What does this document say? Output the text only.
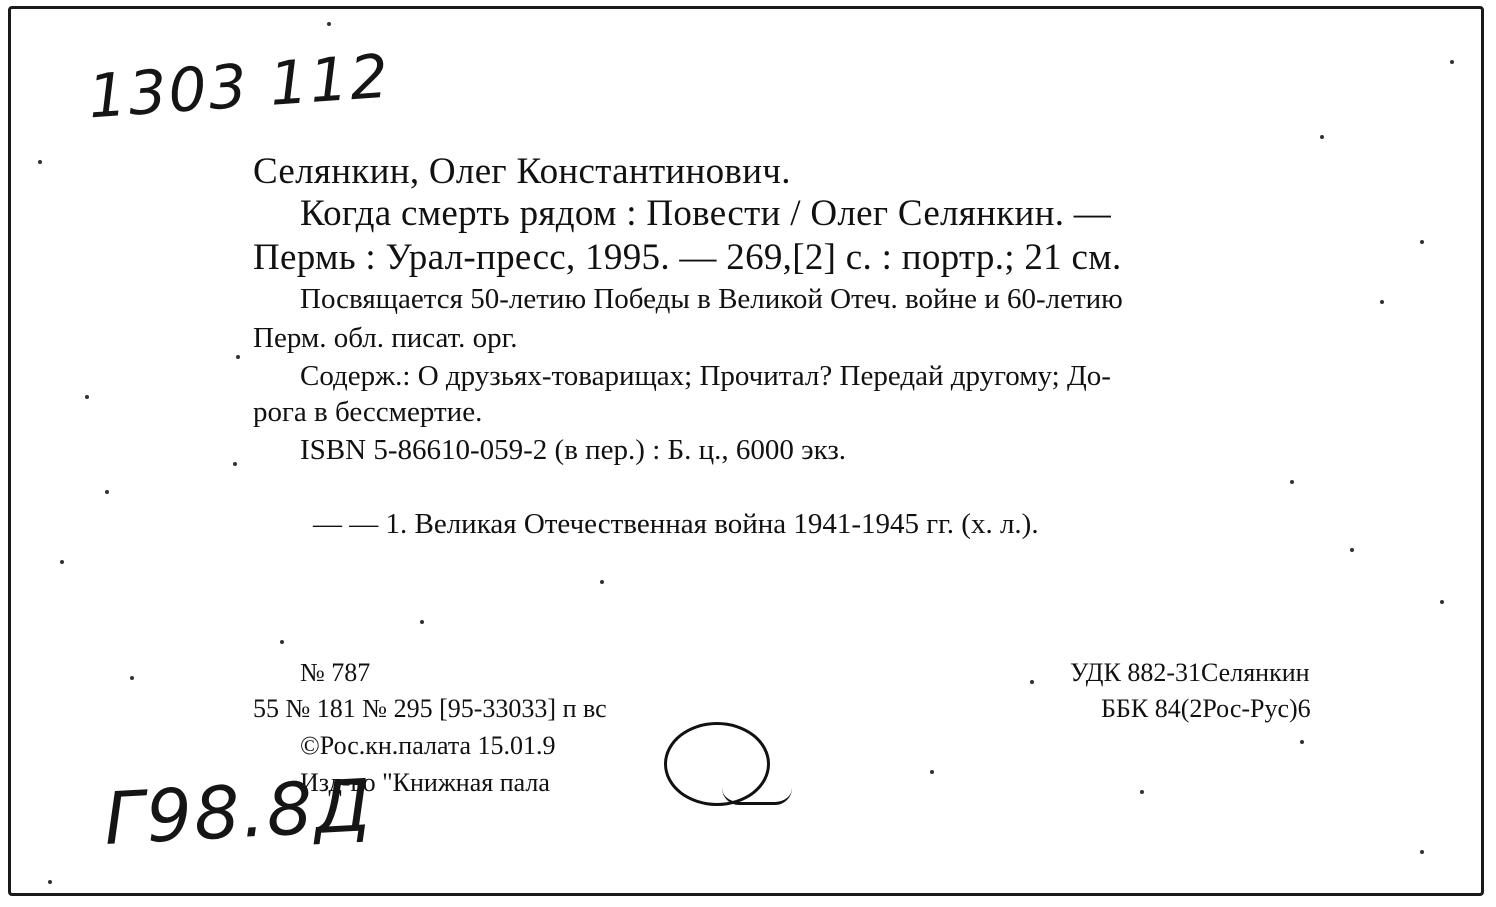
1303 112
Селянкин, Олег Константинович.
Когда смерть рядом : Повести / Олег Селянкин. —
Пермь : Урал-пресс, 1995. — 269,[2] с. : портр.; 21 см.
Посвящается 50-летию Победы в Великой Отеч. войне и 60-летию
Перм. обл. писат. орг.
Содерж.: О друзьях-товарищах; Прочитал? Передай другому; До-
рога в бессмертие.
ISBN 5-86610-059-2 (в пер.) : Б. ц., 6000 экз.
— — 1. Великая Отечественная война 1941-1945 гг. (х. л.).
№ 787
55 № 181 № 295 [95-33033] п вс
©Рос.кн.палата 15.01.9
Изд-во "Книжная пала
УДК 882-31Селянкин
ББК 84(2Рос-Рус)6
Г98.8Д
